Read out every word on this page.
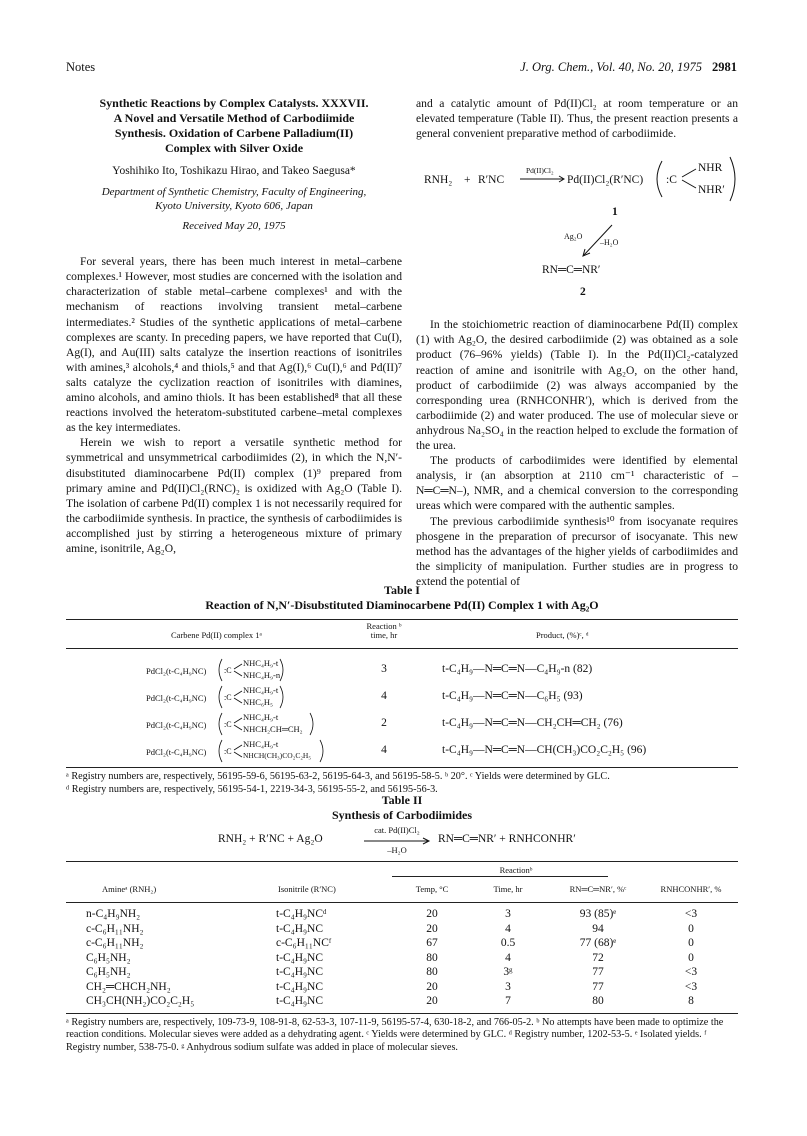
Notes	J. Org. Chem., Vol. 40, No. 20, 1975 2981
Synthetic Reactions by Complex Catalysts. XXXVII.
A Novel and Versatile Method of Carbodiimide
Synthesis. Oxidation of Carbene Palladium(II)
Complex with Silver Oxide
Yoshihiko Ito, Toshikazu Hirao, and Takeo Saegusa*
Department of Synthetic Chemistry, Faculty of Engineering,
Kyoto University, Kyoto 606, Japan
Received May 20, 1975

For several years, there has been much interest in metal–carbene complexes.¹ However, most studies are concerned with the isolation and characterization of stable metal–carbene complexes¹ and with the mechanism of reactions involving transient metal–carbene intermediates.² Studies of the synthetic applications of metal–carbene complexes are scanty. In preceding papers, we have reported that Cu(I), Ag(I), and Au(III) salts catalyze the insertion reactions of isonitriles with amines,³ alcohols,⁴ and thiols,⁵ and that Ag(I),⁶ Cu(I),⁶ and Pd(II)⁷ salts catalyze the cyclization reaction of isonitriles with diamines, amino alcohols, and amino thiols. It has been established⁸ that all these reactions involved the heteratom-substituted carbene–metal complexes as the key intermediates.

Herein we wish to report a versatile synthetic method for symmetrical and unsymmetrical carbodiimides (2), in which the N,N′-disubstituted diaminocarbene Pd(II) complex (1)⁹ prepared from primary amine and Pd(II)Cl₂(RNC)₂ is oxidized with Ag₂O (Table I). The isolation of carbene Pd(II) complex 1 is not necessarily required for the carbodiimide synthesis. In practice, the synthesis of carbodiimides is accomplished just by stirring a heterogeneous mixture of primary amine, isonitrile, Ag₂O,

and a catalytic amount of Pd(II)Cl₂ at room temperature or an elevated temperature (Table II). Thus, the present reaction presents a general convenient preparative method of carbodiimide.

RNH₂ + R′NC
Pd(II)Cl₂
Pd(II)Cl₂(R′NC) :C
NHR
NHR′
1
Ag₂O
–H₂O
RN═C═NR′
2

In the stoichiometric reaction of diaminocarbene Pd(II) complex (1) with Ag₂O, the desired carbodiimide (2) was obtained as a sole product (76–96% yields) (Table I). In the Pd(II)Cl₂-catalyzed reaction of amine and isonitrile with Ag₂O, on the other hand, product of carbodiimide (2) was always accompanied by the corresponding urea (RNHCONHR′), which is derived from the carbodiimide (2) and water produced. The use of molecular sieve or anhydrous Na₂SO₄ in the reaction helped to exclude the formation of the urea.

The products of carbodiimides were identified by elemental analysis, ir (an absorption at 2110 cm⁻¹ characteristic of –N═C═N–), NMR, and a chemical conversion to the corresponding ureas which were compared with the authentic samples.

The previous carbodiimide synthesis¹⁰ from isocyanate requires phosgene in the preparation of precursor of isocyanate. This new method has the advantages of the higher yields of carbodiimides and the simplicity of manipulation. Further studies are in progress to extend the potential of

Table I
Reaction of N,N′-Disubstituted Diaminocarbene Pd(II) Complex 1 with Ag₂O
Carbene Pd(II) complex 1ᵃ
Reaction ᵇ
time, hr	Product, (%)ᶜ, ᵈ
PdCl₂(t-C₄H₉NC) :C
NHC₄H₉-t
NHC₄H₉-n	3	t-C₄H₉—N═C═N—C₄H₉-n (82)
PdCl₂(t-C₄H₉NC) :C
NHC₄H₉-t
NHC₆H₅	4	t-C₄H₉—N═C═N—C₆H₅ (93)
PdCl₂(t-C₄H₉NC) :C
NHC₄H₉-t
NHCH₂CH═CH₂	2	t-C₄H₉—N═C═N—CH₂CH═CH₂ (76)
PdCl₂(t-C₄H₉NC) :C
NHC₄H₉-t
NHCH(CH₃)CO₂C₂H₅	4	t-C₄H₉—N═C═N—CH(CH₃)CO₂C₂H₅ (96)
ᵃ Registry numbers are, respectively, 56195-59-6, 56195-63-2, 56195-64-3, and 56195-58-5. ᵇ 20°. ᶜ Yields were determined by GLC.
ᵈ Registry numbers are, respectively, 56195-54-1, 2219-34-3, 56195-55-2, and 56195-56-3.
Table II
Synthesis of Carbodiimides
RNH₂ + R′NC + Ag₂O
cat. Pd(II)Cl₂
–H₂O
RN═C═NR′ + RNHCONHR′
Reactionᵇ
Amineᵃ (RNH₂)	Isonitrile (R′NC)	Temp, °C	Time, hr	RN═C═NR′, %ᶜ	RNHCONHR′, %
n-C₄H₉NH₂	t-C₄H₉NCᵈ	20	3	93 (85)ᵉ	<3
c-C₆H₁₁NH₂	t-C₄H₉NC	20	4	94	0
c-C₆H₁₁NH₂	c-C₆H₁₁NCᶠ	67	0.5	77 (68)ᵉ	0
C₆H₅NH₂	t-C₄H₉NC	80	4	72	0
C₆H₅NH₂	t-C₄H₉NC	80	3ᵍ	77	<3
CH₂═CHCH₂NH₂	t-C₄H₉NC	20	3	77	<3
CH₃CH(NH₂)CO₂C₂H₅	t-C₄H₉NC	20	7	80	8
ᵃ Registry numbers are, respectively, 109-73-9, 108-91-8, 62-53-3, 107-11-9, 56195-57-4, 630-18-2, and 766-05-2. ᵇ No attempts have been made to optimize the reaction conditions. Molecular sieves were added as a dehydrating agent. ᶜ Yields were determined by GLC. ᵈ Registry number, 1202-53-5. ᵉ Isolated yields. ᶠ Registry number, 538-75-0. ᵍ Anhydrous sodium sulfate was added in place of molecular sieves.
